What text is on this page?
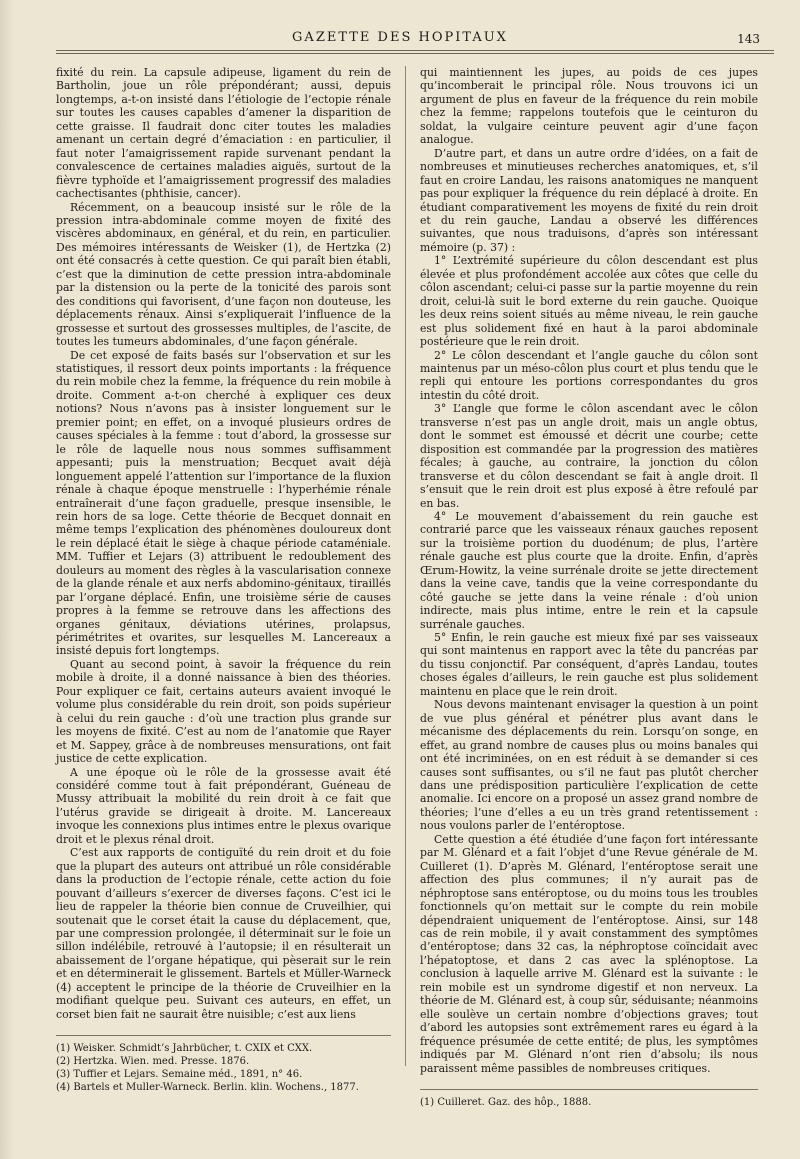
GAZETTE DES HOPITAUX	143

fixité du rein. La capsule adipeuse, ligament du rein de Bartholin, joue un rôle prépondérant; aussi, depuis longtemps, a-t-on insisté dans l’étiologie de l’ectopie rénale sur toutes les causes capables d’amener la disparition de cette graisse. Il faudrait donc citer toutes les maladies amenant un certain degré d’émaciation : en particulier, il faut noter l’amaigrissement rapide survenant pendant la convalescence de certaines maladies aiguës, surtout de la fièvre typhoïde et l’amaigrissement progressif des maladies cachectisantes (phthisie, cancer).

Récemment, on a beaucoup insisté sur le rôle de la pression intra-abdominale comme moyen de fixité des viscères abdominaux, en général, et du rein, en particulier. Des mémoires intéressants de Weisker (1), de Hertzka (2) ont été consacrés à cette question. Ce qui paraît bien établi, c’est que la diminution de cette pression intra-abdominale par la distension ou la perte de la tonicité des parois sont des conditions qui favorisent, d’une façon non douteuse, les déplacements rénaux. Ainsi s’expliquerait l’influence de la grossesse et surtout des grossesses multiples, de l’ascite, de toutes les tumeurs abdominales, d’une façon générale.

De cet exposé de faits basés sur l’observation et sur les statistiques, il ressort deux points importants : la fréquence du rein mobile chez la femme, la fréquence du rein mobile à droite. Comment a-t-on cherché à expliquer ces deux notions? Nous n’avons pas à insister longuement sur le premier point; en effet, on a invoqué plusieurs ordres de causes spéciales à la femme : tout d’abord, la grossesse sur le rôle de laquelle nous nous sommes suffisamment appesanti; puis la menstruation; Becquet avait déjà longuement appelé l’attention sur l’importance de la fluxion rénale à chaque époque menstruelle : l’hyperhémie rénale entraînerait d’une façon graduelle, presque insensible, le rein hors de sa loge. Cette théorie de Becquet donnait en même temps l’explication des phénomènes douloureux dont le rein déplacé était le siège à chaque période cataméniale. MM. Tuffier et Lejars (3) attribuent le redoublement des douleurs au moment des règles à la vascularisation connexe de la glande rénale et aux nerfs abdomino-génitaux, tiraillés par l’organe déplacé. Enfin, une troisième série de causes propres à la femme se retrouve dans les affections des organes génitaux, déviations utérines, prolapsus, périmétrites et ovarites, sur lesquelles M. Lancereaux a insisté depuis fort longtemps.

Quant au second point, à savoir la fréquence du rein mobile à droite, il a donné naissance à bien des théories. Pour expliquer ce fait, certains auteurs avaient invoqué le volume plus considérable du rein droit, son poids supérieur à celui du rein gauche : d’où une traction plus grande sur les moyens de fixité. C’est au nom de l’anatomie que Rayer et M. Sappey, grâce à de nombreuses mensurations, ont fait justice de cette explication.

A une époque où le rôle de la grossesse avait été considéré comme tout à fait prépondérant, Guéneau de Mussy attribuait la mobilité du rein droit à ce fait que l’utérus gravide se dirigeait à droite. M. Lancereaux invoque les connexions plus intimes entre le plexus ovarique droit et le plexus rénal droit.

C’est aux rapports de contiguïté du rein droit et du foie que la plupart des auteurs ont attribué un rôle considérable dans la production de l’ectopie rénale, cette action du foie pouvant d’ailleurs s’exercer de diverses façons. C’est ici le lieu de rappeler la théorie bien connue de Cruveilhier, qui soutenait que le corset était la cause du déplacement, que, par une compression prolongée, il déterminait sur le foie un sillon indélébile, retrouvé à l’autopsie; il en résulterait un abaissement de l’organe hépatique, qui pèserait sur le rein et en déterminerait le glissement. Bartels et Müller-Warneck (4) acceptent le principe de la théorie de Cruveilhier en la modifiant quelque peu. Suivant ces auteurs, en effet, un corset bien fait ne saurait être nuisible; c’est aux liens

qui maintiennent les jupes, au poids de ces jupes qu’incomberait le principal rôle. Nous trouvons ici un argument de plus en faveur de la fréquence du rein mobile chez la femme; rappelons toutefois que le ceinturon du soldat, la vulgaire ceinture peuvent agir d’une façon analogue.

D’autre part, et dans un autre ordre d’idées, on a fait de nombreuses et minutieuses recherches anatomiques, et, s’il faut en croire Landau, les raisons anatomiques ne manquent pas pour expliquer la fréquence du rein déplacé à droite. En étudiant comparativement les moyens de fixité du rein droit et du rein gauche, Landau a observé les différences suivantes, que nous traduisons, d’après son intéressant mémoire (p. 37) :

1° L’extrémité supérieure du côlon descendant est plus élevée et plus profondément accolée aux côtes que celle du côlon ascendant; celui-ci passe sur la partie moyenne du rein droit, celui-là suit le bord externe du rein gauche. Quoique les deux reins soient situés au même niveau, le rein gauche est plus solidement fixé en haut à la paroi abdominale postérieure que le rein droit.

2° Le côlon descendant et l’angle gauche du côlon sont maintenus par un méso-côlon plus court et plus tendu que le repli qui entoure les portions correspondantes du gros intestin du côté droit.

3° L’angle que forme le côlon ascendant avec le côlon transverse n’est pas un angle droit, mais un angle obtus, dont le sommet est émoussé et décrit une courbe; cette disposition est commandée par la progression des matières fécales; à gauche, au contraire, la jonction du côlon transverse et du côlon descendant se fait à angle droit. Il s’ensuit que le rein droit est plus exposé à être refoulé par en bas.

4° Le mouvement d’abaissement du rein gauche est contrarié parce que les vaisseaux rénaux gauches reposent sur la troisième portion du duodénum; de plus, l’artère rénale gauche est plus courte que la droite. Enfin, d’après Œrum-Howitz, la veine surrénale droite se jette directement dans la veine cave, tandis que la veine correspondante du côté gauche se jette dans la veine rénale : d’où union indirecte, mais plus intime, entre le rein et la capsule surrénale gauches.

5° Enfin, le rein gauche est mieux fixé par ses vaisseaux qui sont maintenus en rapport avec la tête du pancréas par du tissu conjonctif. Par conséquent, d’après Landau, toutes choses égales d’ailleurs, le rein gauche est plus solidement maintenu en place que le rein droit.

Nous devons maintenant envisager la question à un point de vue plus général et pénétrer plus avant dans le mécanisme des déplacements du rein. Lorsqu’on songe, en effet, au grand nombre de causes plus ou moins banales qui ont été incriminées, on en est réduit à se demander si ces causes sont suffisantes, ou s’il ne faut pas plutôt chercher dans une prédisposition particulière l’explication de cette anomalie. Ici encore on a proposé un assez grand nombre de théories; l’une d’elles a eu un très grand retentissement : nous voulons parler de l’entéroptose.

Cette question a été étudiée d’une façon fort intéressante par M. Glénard et a fait l’objet d’une Revue générale de M. Cuilleret (1). D’après M. Glénard, l’entéroptose serait une affection des plus communes; il n’y aurait pas de néphroptose sans entéroptose, ou du moins tous les troubles fonctionnels qu’on mettait sur le compte du rein mobile dépendraient uniquement de l’entéroptose. Ainsi, sur 148 cas de rein mobile, il y avait constamment des symptômes d’entéroptose; dans 32 cas, la néphroptose coïncidait avec l’hépatoptose, et dans 2 cas avec la splénoptose. La conclusion à laquelle arrive M. Glénard est la suivante : le rein mobile est un syndrome digestif et non nerveux. La théorie de M. Glénard est, à coup sûr, séduisante; néanmoins elle soulève un certain nombre d’objections graves; tout d’abord les autopsies sont extrêmement rares eu égard à la fréquence présumée de cette entité; de plus, les symptômes indiqués par M. Glénard n’ont rien d’absolu; ils nous paraissent même passibles de nombreuses critiques.

(1) Weisker. Schmidt’s Jahrbücher, t. CXIX et CXX.
(2) Hertzka. Wien. med. Presse. 1876.
(3) Tuffier et Lejars. Semaine méd., 1891, n° 46.
(4) Bartels et Muller-Warneck. Berlin. klin. Wochens., 1877.
(1) Cuilleret. Gaz. des hôp., 1888.
